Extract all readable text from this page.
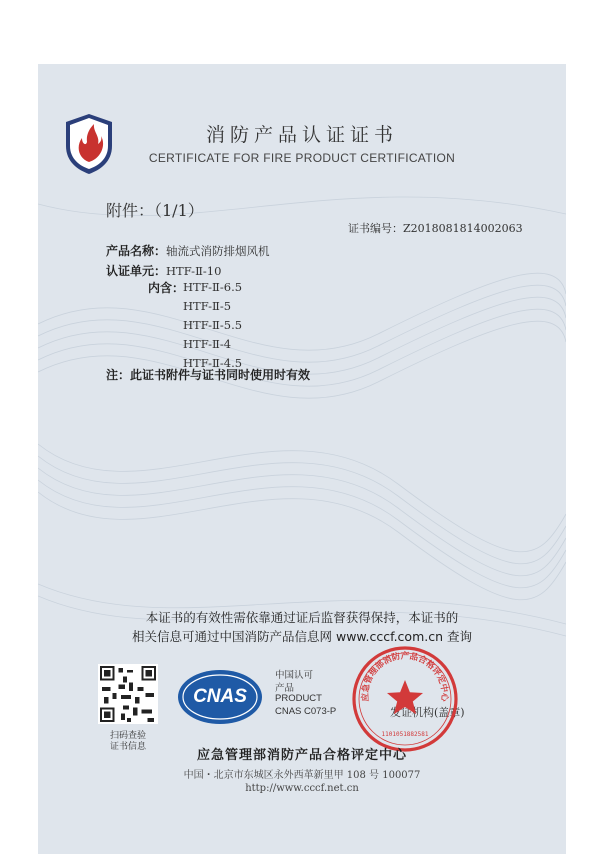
消防产品认证证书
CERTIFICATE FOR FIRE PRODUCT CERTIFICATION
附件：（1/1）
证书编号：Z2018081814002063
产品名称：轴流式消防排烟风机
认证单元：HTF-Ⅱ-10
内含：
HTF-Ⅱ-6.5
HTF-Ⅱ-5
HTF-Ⅱ-5.5
HTF-Ⅱ-4
HTF-Ⅱ-4.5
注：此证书附件与证书同时使用时有效
本证书的有效性需依靠通过证后监督获得保持，本证书的
相关信息可通过中国消防产品信息网 www.cccf.com.cn 查询
扫码查验
证书信息
CNAS
中国认可
产品
PRODUCT
CNAS C073-P	发证机构(盖章)
应急管理部消防产品合格评定中心
1101051882581
应急管理部消防产品合格评定中心
中国・北京市东城区永外西革新里甲 108 号 100077
http://www.cccf.net.cn
